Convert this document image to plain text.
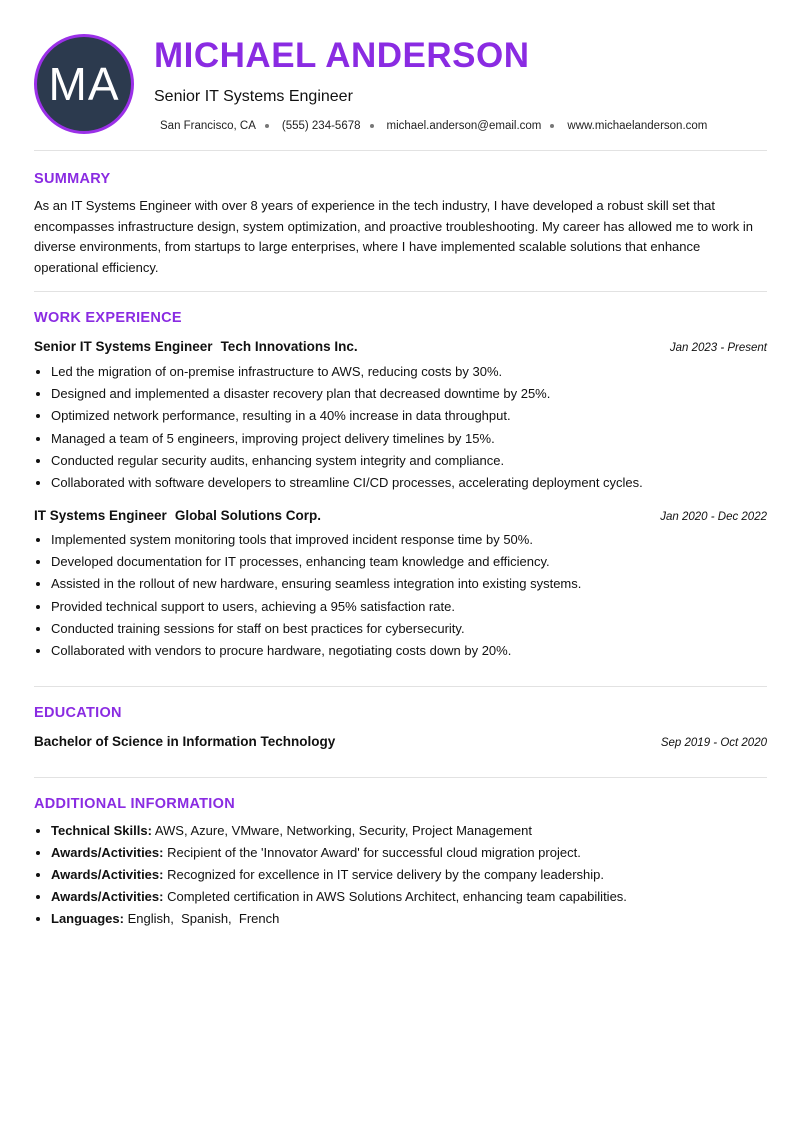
MA
MICHAEL ANDERSON
Senior IT Systems Engineer
San Francisco, CA (555) 234-5678 michael.anderson@email.com www.michaelanderson.com
SUMMARY

As an IT Systems Engineer with over 8 years of experience in the tech industry, I have developed a robust skill set that encompasses infrastructure design, system optimization, and proactive troubleshooting. My career has allowed me to work in diverse environments, from startups to large enterprises, where I have implemented scalable solutions that enhance operational efficiency.

WORK EXPERIENCE
Senior IT Systems Engineer Tech Innovations Inc.	Jan 2023 - Present
• Led the migration of on-premise infrastructure to AWS, reducing costs by 30%.
• Designed and implemented a disaster recovery plan that decreased downtime by 25%.
• Optimized network performance, resulting in a 40% increase in data throughput.
• Managed a team of 5 engineers, improving project delivery timelines by 15%.
• Conducted regular security audits, enhancing system integrity and compliance.
• Collaborated with software developers to streamline CI/CD processes, accelerating deployment cycles.
IT Systems Engineer Global Solutions Corp.	Jan 2020 - Dec 2022
• Implemented system monitoring tools that improved incident response time by 50%.
• Developed documentation for IT processes, enhancing team knowledge and efficiency.
• Assisted in the rollout of new hardware, ensuring seamless integration into existing systems.
• Provided technical support to users, achieving a 95% satisfaction rate.
• Conducted training sessions for staff on best practices for cybersecurity.
• Collaborated with vendors to procure hardware, negotiating costs down by 20%.
EDUCATION
Bachelor of Science in Information Technology	Sep 2019 - Oct 2020
ADDITIONAL INFORMATION
• Technical Skills: AWS, Azure, VMware, Networking, Security, Project Management
• Awards/Activities: Recipient of the 'Innovator Award' for successful cloud migration project.
• Awards/Activities: Recognized for excellence in IT service delivery by the company leadership.
• Awards/Activities: Completed certification in AWS Solutions Architect, enhancing team capabilities.
• Languages: English,  Spanish,  French
